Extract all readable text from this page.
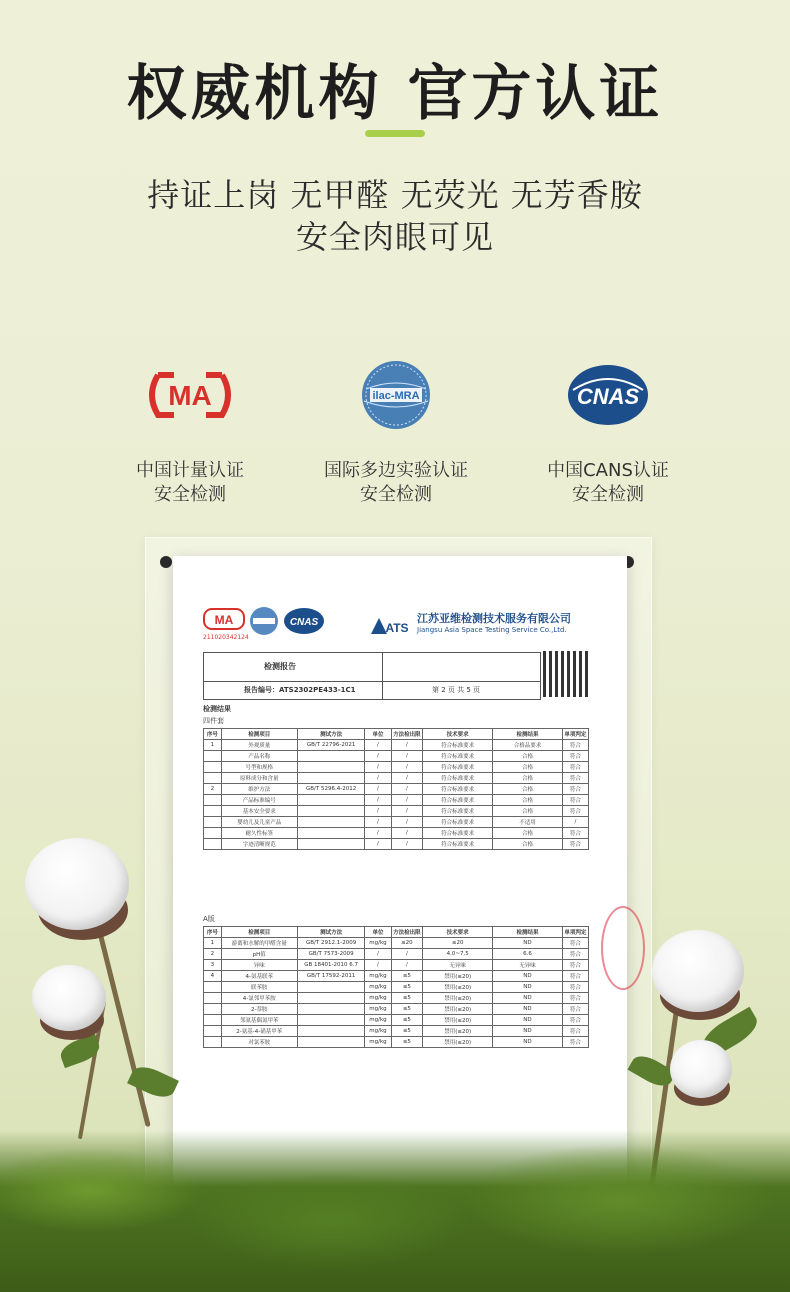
权威机构 官方认证
持证上岗 无甲醛 无荧光 无芳香胺
安全肉眼可见
MA
中国计量认证
安全检测
ilac-MRA
国际多边实验认证
安全检测
CNAS
中国CANS认证
安全检测
MA	CNAS
211020342124
ATS
江苏亚维检测技术服务有限公司
Jiangsu Asia Space Testing Service Co.,Ltd.
检测报告
报告编号：ATS2302PE433-1C1	第 2 页 共 5 页
检测结果
四件套
序号	检测项目	测试方法	单位	方法检出限	技术要求	检测结果	单项判定
1	外观质量	GB/T 22796-2021	/	/	符合标准要求	合格品要求	符合
	产品名称		/	/	符合标准要求	合格	符合
	号型和规格		/	/	符合标准要求	合格	符合
	原料成分和含量		/	/	符合标准要求	合格	符合
2	维护方法	GB/T 5296.4-2012	/	/	符合标准要求	合格	符合
	产品标准编号		/	/	符合标准要求	合格	符合
	基本安全要求		/	/	符合标准要求	合格	符合
	婴幼儿及儿童产品		/	/	符合标准要求	不适用	/
	耐久性标签		/	/	符合标准要求	合格	符合
	字迹清晰规范		/	/	符合标准要求	合格	符合
A版
序号	检测项目	测试方法	单位	方法检出限	技术要求	检测结果	单项判定
1	游离和水解的甲醛含量	GB/T 2912.1-2009	mg/kg	≤20	≤20	ND	符合
2	pH值	GB/T 7573-2009	/	/	4.0~7.5	6.6	符合
3	异味	GB 18401-2010 6.7	/	/	无异味	无异味	符合
4	4-氨基联苯	GB/T 17592-2011	mg/kg	≤5	禁用(≤20)	ND	符合
	联苯胺		mg/kg	≤5	禁用(≤20)	ND	符合
	4-氯邻甲苯胺		mg/kg	≤5	禁用(≤20)	ND	符合
	2-萘胺		mg/kg	≤5	禁用(≤20)	ND	符合
	邻氨基偶氮甲苯		mg/kg	≤5	禁用(≤20)	ND	符合
	2-氨基-4-硝基甲苯		mg/kg	≤5	禁用(≤20)	ND	符合
	对氯苯胺		mg/kg	≤5	禁用(≤20)	ND	符合
